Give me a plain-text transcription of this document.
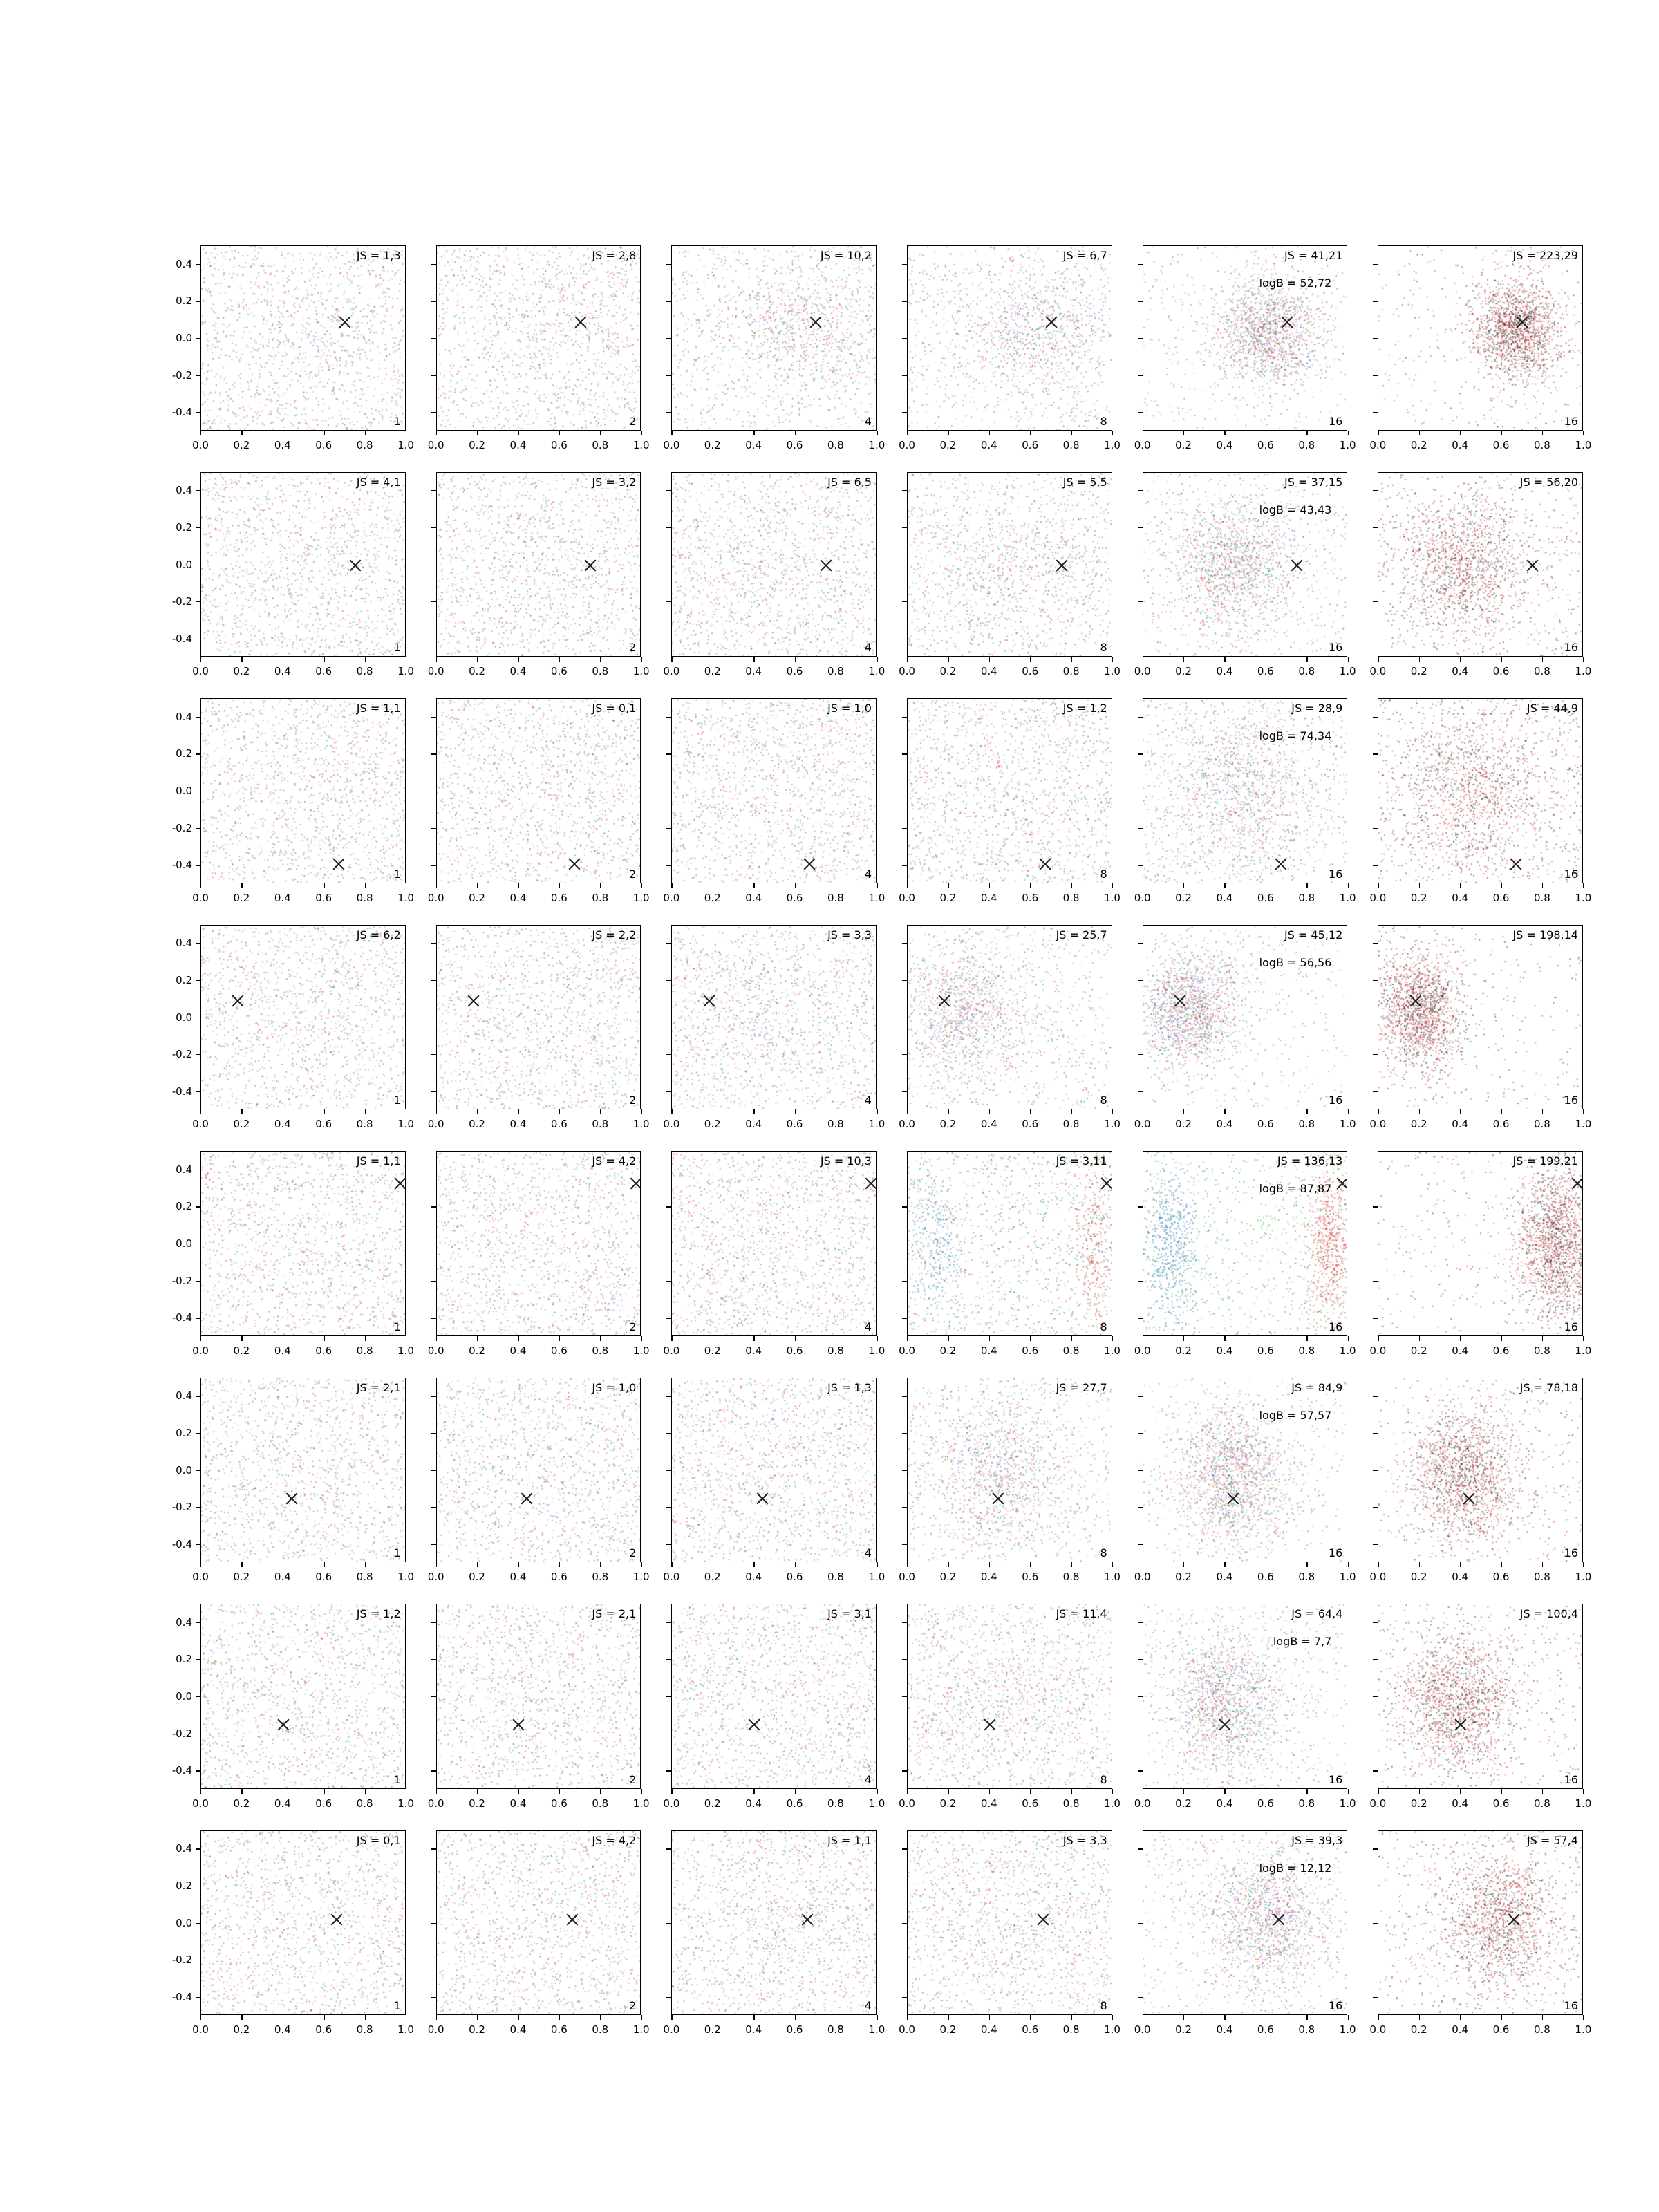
JS = 1,3
1
0.0 0.2 0.4 0.6 0.8 1.0
-0.4
-0.2
0.0
0.2
0.4
JS = 2,8
2
0.0 0.2 0.4 0.6 0.8 1.0
JS = 10,2
4
0.0 0.2 0.4 0.6 0.8 1.0
JS = 6,7
8
0.0 0.2 0.4 0.6 0.8 1.0
JS = 41,21
logB = 52,72
16
0.0 0.2 0.4 0.6 0.8 1.0
JS = 223,29
16
0.0 0.2 0.4 0.6 0.8 1.0
JS = 4,1
1
0.0 0.2 0.4 0.6 0.8 1.0
-0.4
-0.2
0.0
0.2
0.4
JS = 3,2
2
0.0 0.2 0.4 0.6 0.8 1.0
JS = 6,5
4
0.0 0.2 0.4 0.6 0.8 1.0
JS = 5,5
8
0.0 0.2 0.4 0.6 0.8 1.0
JS = 37,15
logB = 43,43
16
0.0 0.2 0.4 0.6 0.8 1.0
JS = 56,20
16
0.0 0.2 0.4 0.6 0.8 1.0
JS = 1,1
1
0.0 0.2 0.4 0.6 0.8 1.0
-0.4
-0.2
0.0
0.2
0.4
JS = 0,1
2
0.0 0.2 0.4 0.6 0.8 1.0
JS = 1,0
4
0.0 0.2 0.4 0.6 0.8 1.0
JS = 1,2
8
0.0 0.2 0.4 0.6 0.8 1.0
JS = 28,9
logB = 74,34
16
0.0 0.2 0.4 0.6 0.8 1.0
JS = 44,9
16
0.0 0.2 0.4 0.6 0.8 1.0
JS = 6,2
1
0.0 0.2 0.4 0.6 0.8 1.0
-0.4
-0.2
0.0
0.2
0.4
JS = 2,2
2
0.0 0.2 0.4 0.6 0.8 1.0
JS = 3,3
4
0.0 0.2 0.4 0.6 0.8 1.0
JS = 25,7
8
0.0 0.2 0.4 0.6 0.8 1.0
JS = 45,12
logB = 56,56
16
0.0 0.2 0.4 0.6 0.8 1.0
JS = 198,14
16
0.0 0.2 0.4 0.6 0.8 1.0
JS = 1,1
1
0.0 0.2 0.4 0.6 0.8 1.0
-0.4
-0.2
0.0
0.2
0.4
JS = 4,2
2
0.0 0.2 0.4 0.6 0.8 1.0
JS = 10,3
4
0.0 0.2 0.4 0.6 0.8 1.0
JS = 3,11
8
0.0 0.2 0.4 0.6 0.8 1.0
JS = 136,13
logB = 87,87
16
0.0 0.2 0.4 0.6 0.8 1.0
JS = 199,21
16
0.0 0.2 0.4 0.6 0.8 1.0
JS = 2,1
1
0.0 0.2 0.4 0.6 0.8 1.0
-0.4
-0.2
0.0
0.2
0.4
JS = 1,0
2
0.0 0.2 0.4 0.6 0.8 1.0
JS = 1,3
4
0.0 0.2 0.4 0.6 0.8 1.0
JS = 27,7
8
0.0 0.2 0.4 0.6 0.8 1.0
JS = 84,9
logB = 57,57
16
0.0 0.2 0.4 0.6 0.8 1.0
JS = 78,18
16
0.0 0.2 0.4 0.6 0.8 1.0
JS = 1,2
1
0.0 0.2 0.4 0.6 0.8 1.0
-0.4
-0.2
0.0
0.2
0.4
JS = 2,1
2
0.0 0.2 0.4 0.6 0.8 1.0
JS = 3,1
4
0.0 0.2 0.4 0.6 0.8 1.0
JS = 11,4
8
0.0 0.2 0.4 0.6 0.8 1.0
JS = 64,4
logB = 7,7
16
0.0 0.2 0.4 0.6 0.8 1.0
JS = 100,4
16
0.0 0.2 0.4 0.6 0.8 1.0
JS = 0,1
1
0.0 0.2 0.4 0.6 0.8 1.0
-0.4
-0.2
0.0
0.2
0.4
JS = 4,2
2
0.0 0.2 0.4 0.6 0.8 1.0
JS = 1,1
4
0.0 0.2 0.4 0.6 0.8 1.0
JS = 3,3
8
0.0 0.2 0.4 0.6 0.8 1.0
JS = 39,3
logB = 12,12
16
0.0 0.2 0.4 0.6 0.8 1.0
JS = 57,4
16
0.0 0.2 0.4 0.6 0.8 1.0
